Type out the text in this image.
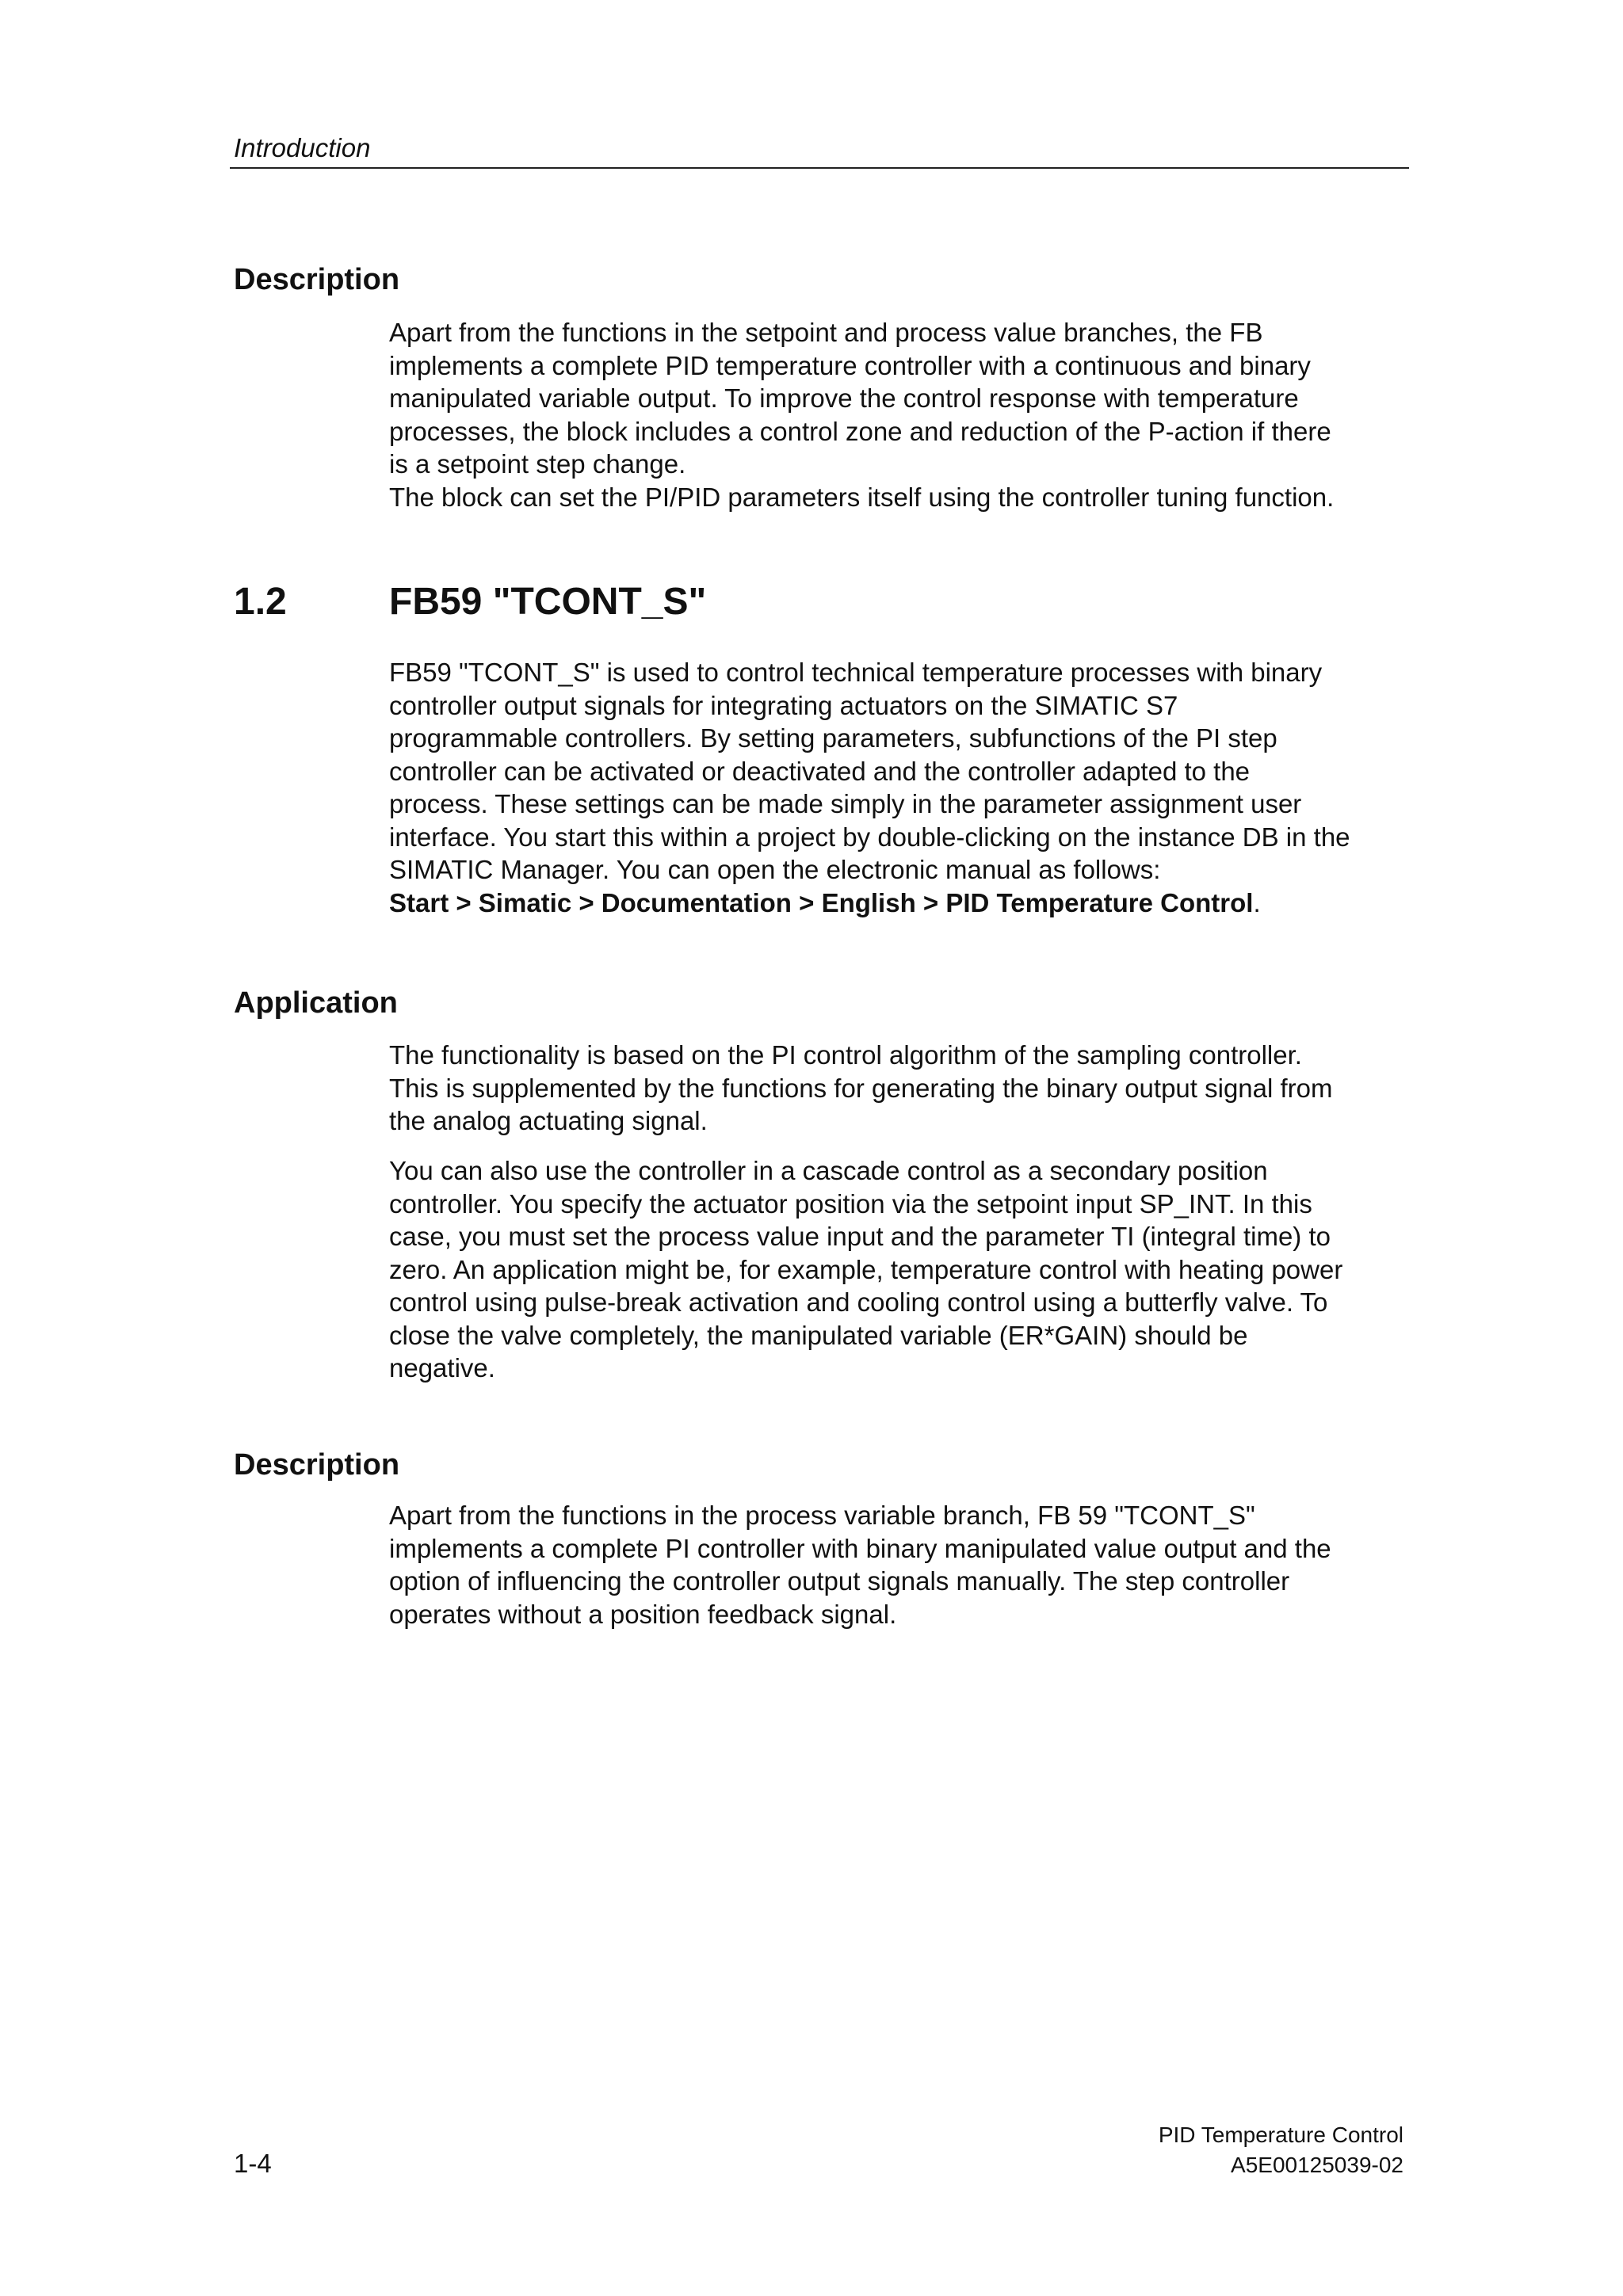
Introduction
Description

Apart from the functions in the setpoint and process value branches, the FB
implements a complete PID temperature controller with a continuous and binary
manipulated variable output. To improve the control response with temperature
processes, the block includes a control zone and reduction of the P-action if there
is a setpoint step change.
The block can set the PI/PID parameters itself using the controller tuning function.

1.2	FB59 "TCONT_S"

FB59 "TCONT_S" is used to control technical temperature processes with binary
controller output signals for integrating actuators on the SIMATIC S7
programmable controllers. By setting parameters, subfunctions of the PI step
controller can be activated or deactivated and the controller adapted to the
process. These settings can be made simply in the parameter assignment user
interface. You start this within a project by double-clicking on the instance DB in the
SIMATIC Manager. You can open the electronic manual as follows:
Start > Simatic > Documentation > English > PID Temperature Control.

Application

The functionality is based on the PI control algorithm of the sampling controller.
This is supplemented by the functions for generating the binary output signal from
the analog actuating signal.

You can also use the controller in a cascade control as a secondary position
controller. You specify the actuator position via the setpoint input SP_INT. In this
case, you must set the process value input and the parameter TI (integral time) to
zero. An application might be, for example, temperature control with heating power
control using pulse-break activation and cooling control using a butterfly valve. To
close the valve completely, the manipulated variable (ER*GAIN) should be
negative.

Description

Apart from the functions in the process variable branch, FB 59 "TCONT_S"
implements a complete PI controller with binary manipulated value output and the
option of influencing the controller output signals manually. The step controller
operates without a position feedback signal.

1-4
PID Temperature Control
A5E00125039-02
